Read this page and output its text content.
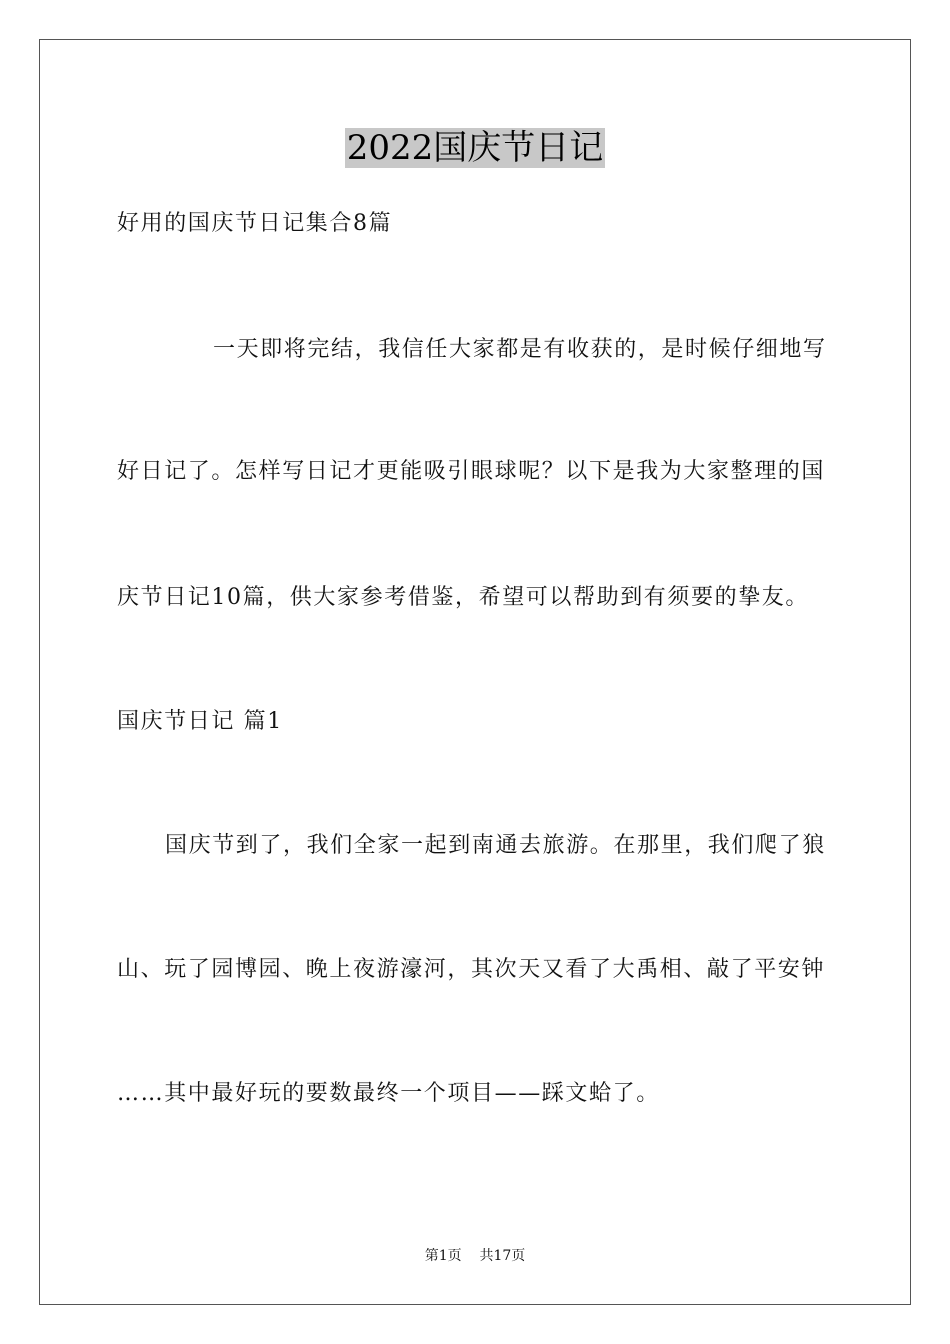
2022国庆节日记
好用的国庆节日记集合8篇
一天即将完结，我信任大家都是有收获的，是时候仔细地写
好日记了。怎样写日记才更能吸引眼球呢？以下是我为大家整理的国
庆节日记10篇，供大家参考借鉴，希望可以帮助到有须要的挚友。
国庆节日记 篇1
国庆节到了，我们全家一起到南通去旅游。在那里，我们爬了狼
山、玩了园博园、晚上夜游濠河，其次天又看了大禹相、敲了平安钟
……其中最好玩的要数最终一个项目——踩文蛤了。
第1页 共17页
